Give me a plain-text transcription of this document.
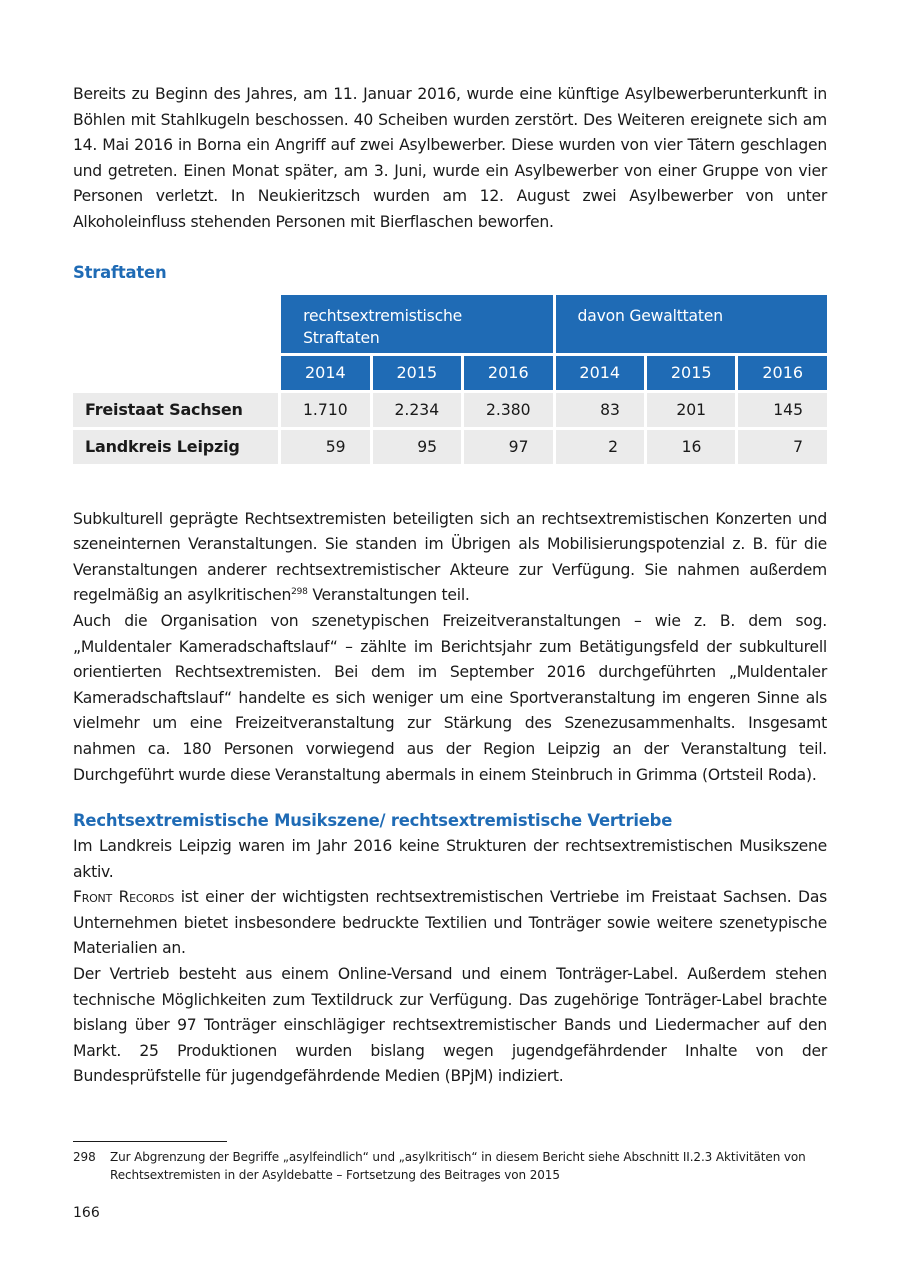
Bereits zu Beginn des Jahres, am 11. Januar 2016, wurde eine künftige Asylbewerberunterkunft in Böhlen mit Stahlkugeln beschossen. 40 Scheiben wurden zerstört. Des Weiteren ereignete sich am 14. Mai 2016 in Borna ein Angriff auf zwei Asylbewerber. Diese wurden von vier Tätern geschlagen und getreten. Einen Monat später, am 3. Juni, wurde ein Asylbewerber von einer Gruppe von vier Personen verletzt. In Neukieritzsch wurden am 12. August zwei Asylbewerber von unter Alkoholeinfluss stehenden Personen mit Bierflaschen beworfen.

Straftaten
	rechtsextremistische Straftaten			davon Gewalttaten		
	2014	2015	2016	2014	2015	2016
Freistaat Sachsen	1.710	2.234	2.380	83	201	145
Landkreis Leipzig	59	95	97	2	16	7

Subkulturell geprägte Rechtsextremisten beteiligten sich an rechtsextremistischen Konzerten und szeneinternen Veranstaltungen. Sie standen im Übrigen als Mobilisierungspotenzial z. B. für die Veranstaltungen anderer rechtsextremistischer Akteure zur Verfügung. Sie nahmen außerdem regelmäßig an asylkritischen$^{298}$ Veranstaltungen teil.

Auch die Organisation von szenetypischen Freizeitveranstaltungen – wie z. B. dem sog. „Muldentaler Kameradschaftslauf“ – zählte im Berichtsjahr zum Betätigungsfeld der subkulturell orientierten Rechtsextremisten. Bei dem im September 2016 durchgeführten „Muldentaler Kameradschaftslauf“ handelte es sich weniger um eine Sportveranstaltung im engeren Sinne als vielmehr um eine Freizeitveranstaltung zur Stärkung des Szenezusammenhalts. Insgesamt nahmen ca. 180 Personen vorwiegend aus der Region Leipzig an der Veranstaltung teil. Durchgeführt wurde diese Veranstaltung abermals in einem Steinbruch in Grimma (Ortsteil Roda).

Rechtsextremistische Musikszene/ rechtsextremistische Vertriebe

Im Landkreis Leipzig waren im Jahr 2016 keine Strukturen der rechtsextremistischen Musikszene aktiv.

Front Records ist einer der wichtigsten rechtsextremistischen Vertriebe im Freistaat Sachsen. Das Unternehmen bietet insbesondere bedruckte Textilien und Tonträger sowie weitere szenetypische Materialien an.

Der Vertrieb besteht aus einem Online-Versand und einem Tonträger-Label. Außerdem stehen technische Möglichkeiten zum Textildruck zur Verfügung. Das zugehörige Tonträger-Label brachte bislang über 97 Tonträger einschlägiger rechtsextremistischer Bands und Liedermacher auf den Markt. 25 Produktionen wurden bislang wegen jugendgefährdender Inhalte von der Bundesprüfstelle für jugendgefährdende Medien (BPjM) indiziert.

298 Zur Abgrenzung der Begriffe „asylfeindlich“ und „asylkritisch“ in diesem Bericht siehe Abschnitt II.2.3 Aktivitäten von Rechtsextremisten in der Asyldebatte – Fortsetzung des Beitrages von 2015
166
